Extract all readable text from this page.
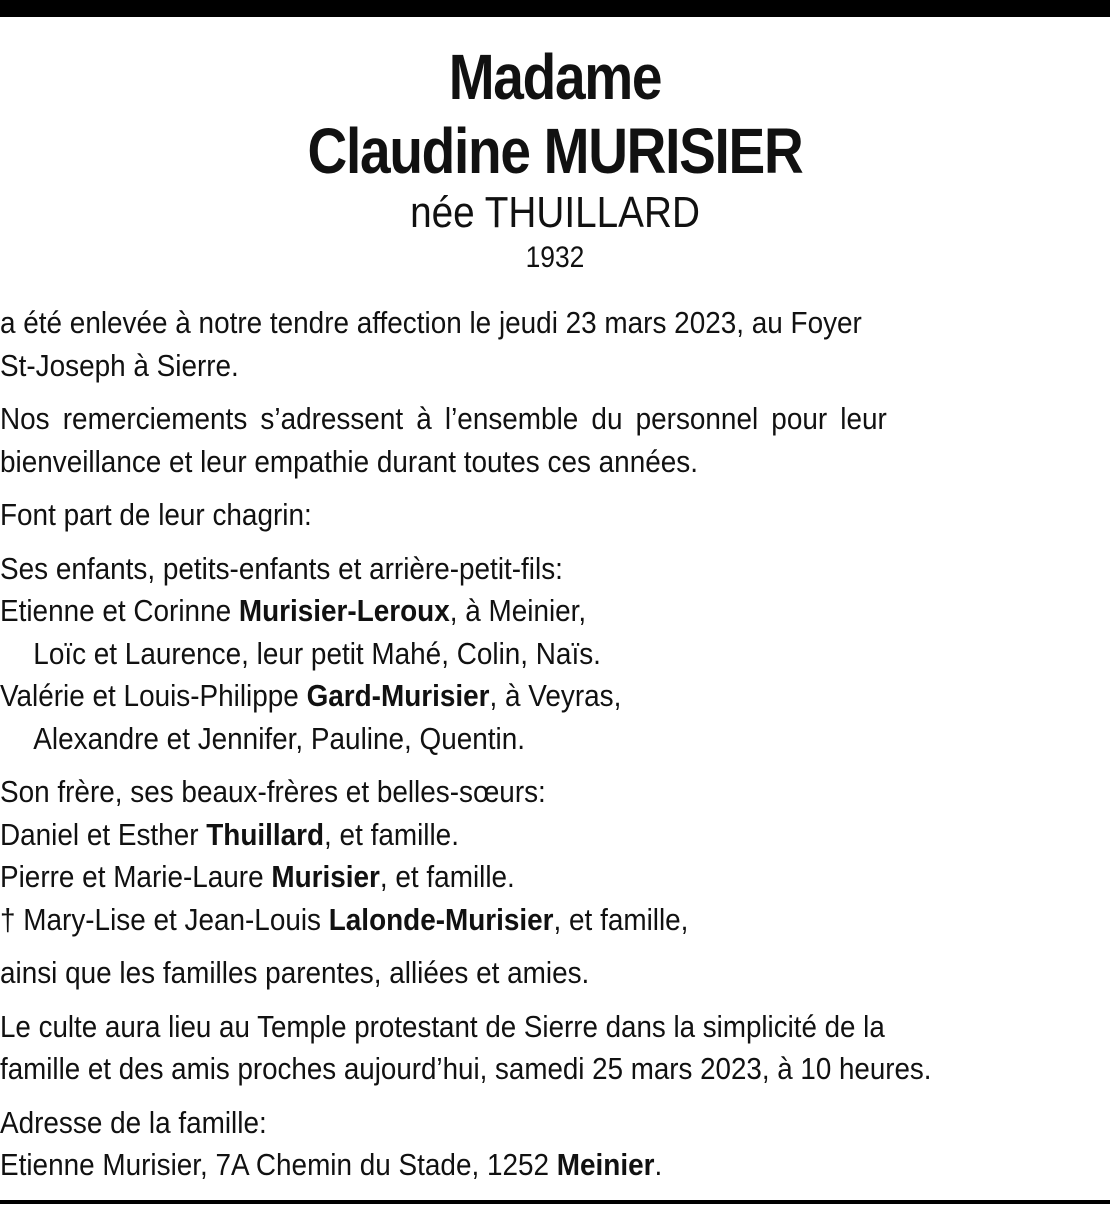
Madame
Claudine MURISIER
née THUILLARD
1932

a été enlevée à notre tendre affection le jeudi 23 mars 2023, au Foyer
St-Joseph à Sierre.

Nos remerciements s’adressent à l’ensemble du personnel pour leur
bienveillance et leur empathie durant toutes ces années.

Font part de leur chagrin:

Ses enfants, petits-enfants et arrière-petit-fils:
Etienne et Corinne Murisier-Leroux, à Meinier,
Loïc et Laurence, leur petit Mahé, Colin, Naïs.
Valérie et Louis-Philippe Gard-Murisier, à Veyras,
Alexandre et Jennifer, Pauline, Quentin.

Son frère, ses beaux-frères et belles-sœurs:
Daniel et Esther Thuillard, et famille.
Pierre et Marie-Laure Murisier, et famille.
† Mary-Lise et Jean-Louis Lalonde-Murisier, et famille,

ainsi que les familles parentes, alliées et amies.

Le culte aura lieu au Temple protestant de Sierre dans la simplicité de la
famille et des amis proches aujourd’hui, samedi 25 mars 2023, à 10 heures.

Adresse de la famille:
Etienne Murisier, 7A Chemin du Stade, 1252 Meinier.
